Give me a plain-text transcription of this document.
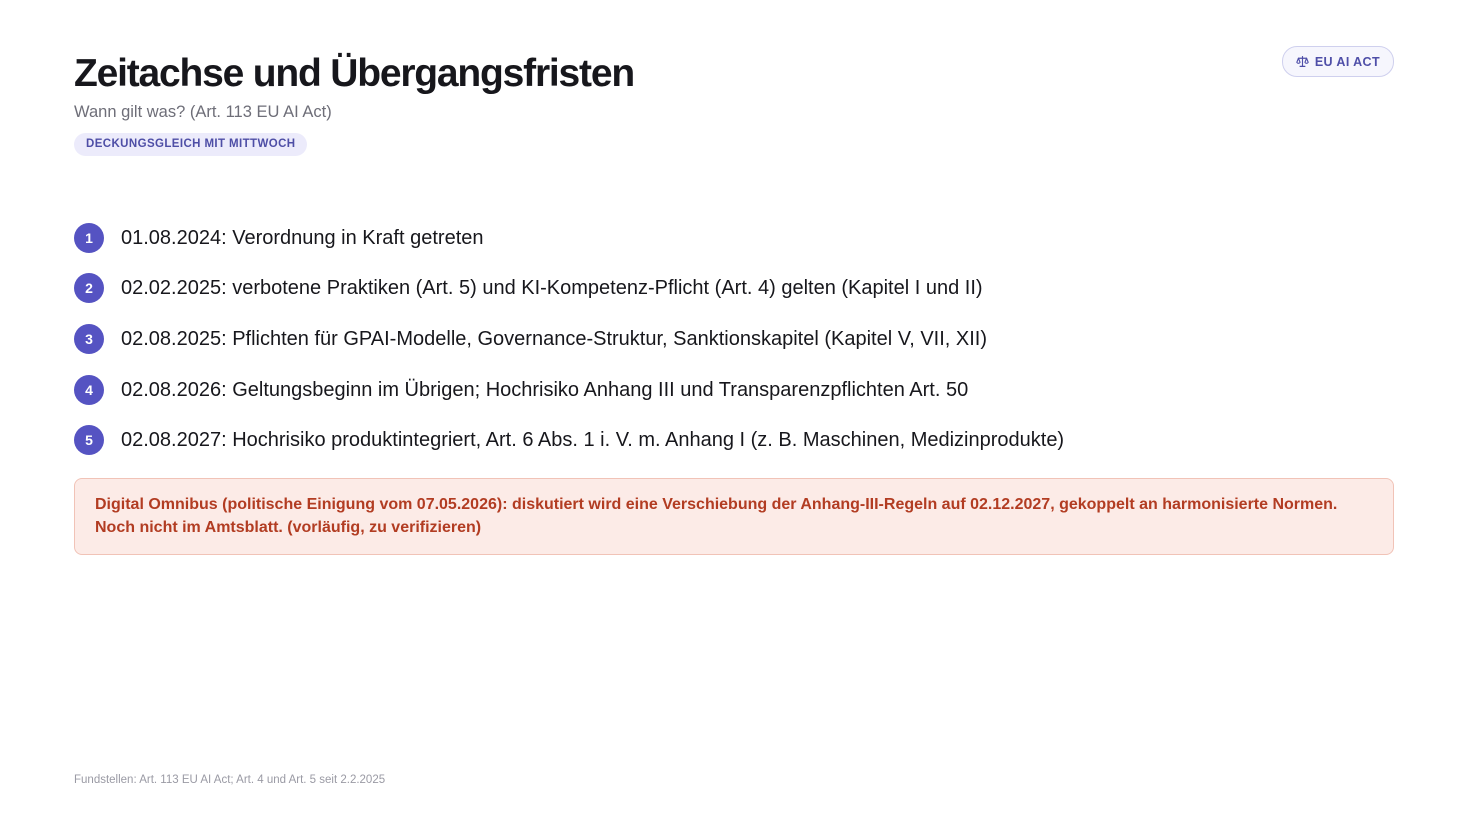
Zeitachse und Übergangsfristen
Wann gilt was? (Art. 113 EU AI Act)
DECKUNGSGLEICH MIT MITTWOCH
EU AI ACT
1	01.08.2024: Verordnung in Kraft getreten
2	02.02.2025: verbotene Praktiken (Art. 5) und KI-Kompetenz-Pflicht (Art. 4) gelten (Kapitel I und II)
3	02.08.2025: Pflichten für GPAI-Modelle, Governance-Struktur, Sanktionskapitel (Kapitel V, VII, XII)
4	02.08.2026: Geltungsbeginn im Übrigen; Hochrisiko Anhang III und Transparenzpflichten Art. 50
5	02.08.2027: Hochrisiko produktintegriert, Art. 6 Abs. 1 i. V. m. Anhang I (z. B. Maschinen, Medizinprodukte)
Digital Omnibus (politische Einigung vom 07.05.2026): diskutiert wird eine Verschiebung der Anhang-III-Regeln auf 02.12.2027, gekoppelt an harmonisierte Normen. Noch nicht im Amtsblatt. (vorläufig, zu verifizieren)
Fundstellen: Art. 113 EU AI Act; Art. 4 und Art. 5 seit 2.2.2025
